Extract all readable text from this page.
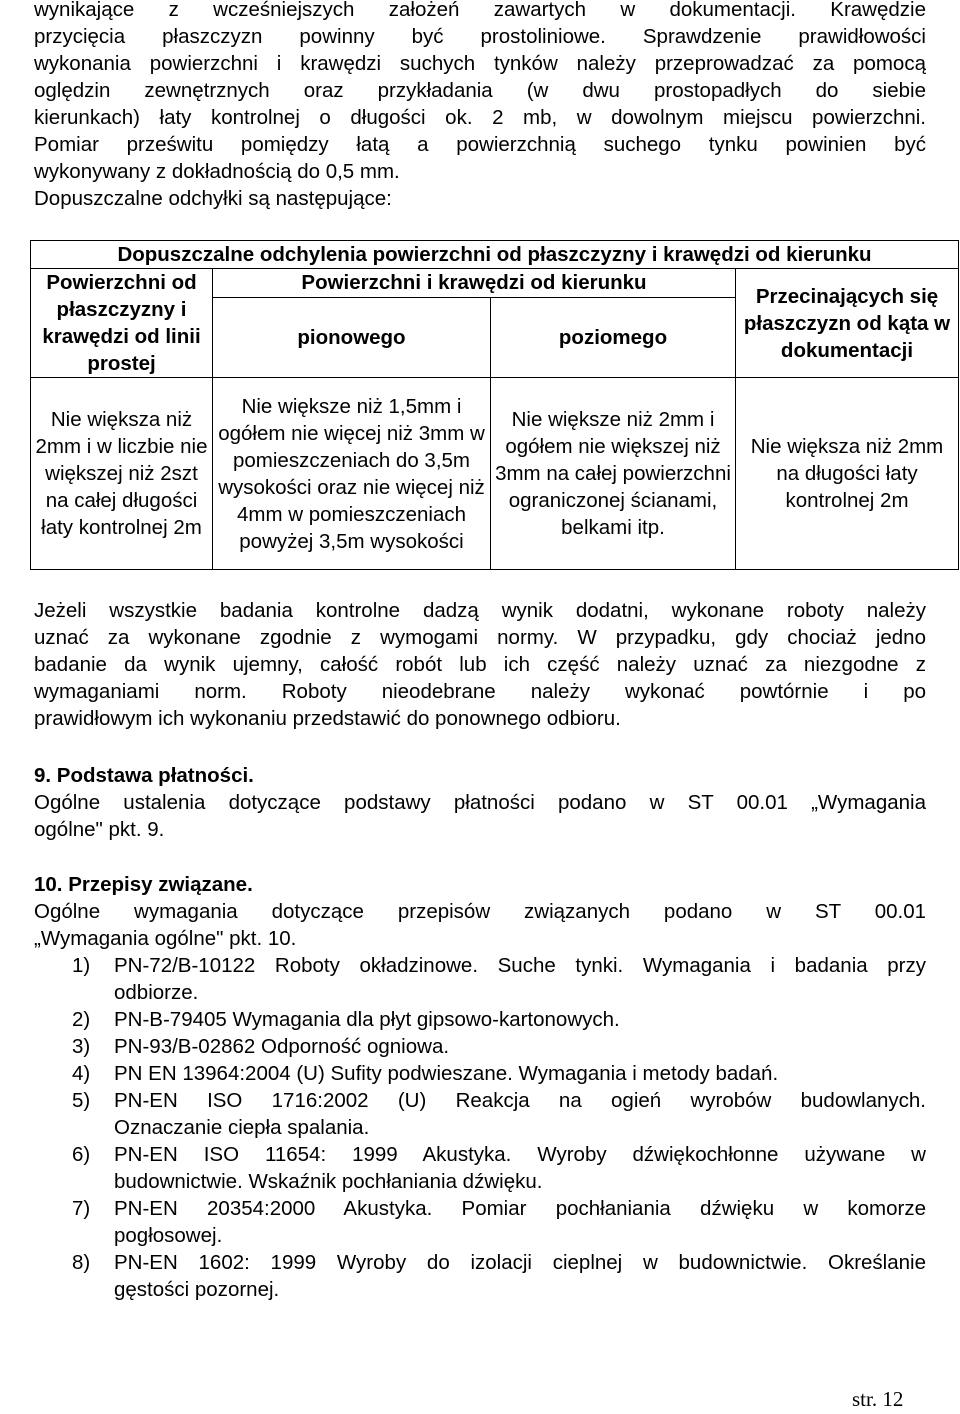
wynikające z wcześniejszych założeń zawartych w dokumentacji. Krawędzie

przycięcia płaszczyzn powinny być prostoliniowe. Sprawdzenie prawidłowości

wykonania powierzchni i krawędzi suchych tynków należy przeprowadzać za pomocą

oględzin zewnętrznych oraz przykładania (w dwu prostopadłych do siebie

kierunkach) łaty kontrolnej o długości ok. 2 mb, w dowolnym miejscu powierzchni.

Pomiar prześwitu pomiędzy łatą a powierzchnią suchego tynku powinien być

wykonywany z dokładnością do 0,5 mm.

Dopuszczalne odchyłki są następujące:

Dopuszczalne odchylenia powierzchni od płaszczyzny i krawędzi od kierunku			
Powierzchni od płaszczyzny i krawędzi od linii prostej	Powierzchni i krawędzi od kierunku		Przecinających się płaszczyzn od kąta w dokumentacji
	pionowego	poziomego	
Nie większa niż 2mm i w liczbie nie większej niż 2szt na całej długości łaty kontrolnej 2m	Nie większe niż 1,5mm i ogółem nie więcej niż 3mm w pomieszczeniach do 3,5m wysokości oraz nie więcej niż 4mm w pomieszczeniach powyżej 3,5m wysokości	Nie większe niż 2mm i ogółem nie większej niż 3mm na całej powierzchni ograniczonej ścianami, belkami itp.	Nie większa niż 2mm na długości łaty kontrolnej 2m

Jeżeli wszystkie badania kontrolne dadzą wynik dodatni, wykonane roboty należy

uznać za wykonane zgodnie z wymogami normy. W przypadku, gdy chociaż jedno

badanie da wynik ujemny, całość robót lub ich część należy uznać za niezgodne z

wymaganiami norm. Roboty nieodebrane należy wykonać powtórnie i po

prawidłowym ich wykonaniu przedstawić do ponownego odbioru.

9. Podstawa płatności.

Ogólne ustalenia dotyczące podstawy płatności podano w ST 00.01 „Wymagania

ogólne" pkt. 9.

10. Przepisy związane.

Ogólne wymagania dotyczące przepisów związanych podano w ST 00.01

„Wymagania ogólne" pkt. 10.

1) PN-72/B-10122 Roboty okładzinowe. Suche tynki. Wymagania i badania przy

odbiorze.

2) PN-B-79405 Wymagania dla płyt gipsowo-kartonowych.

3) PN-93/B-02862 Odporność ogniowa.

4) PN EN 13964:2004 (U) Sufity podwieszane. Wymagania i metody badań.

5) PN-EN ISO 1716:2002 (U) Reakcja na ogień wyrobów budowlanych.

Oznaczanie ciepła spalania.

6) PN-EN ISO 11654: 1999 Akustyka. Wyroby dźwiękochłonne używane w

budownictwie. Wskaźnik pochłaniania dźwięku.

7) PN-EN 20354:2000 Akustyka. Pomiar pochłaniania dźwięku w komorze

pogłosowej.

8) PN-EN 1602: 1999 Wyroby do izolacji cieplnej w budownictwie. Określanie

gęstości pozornej.

str. 12
